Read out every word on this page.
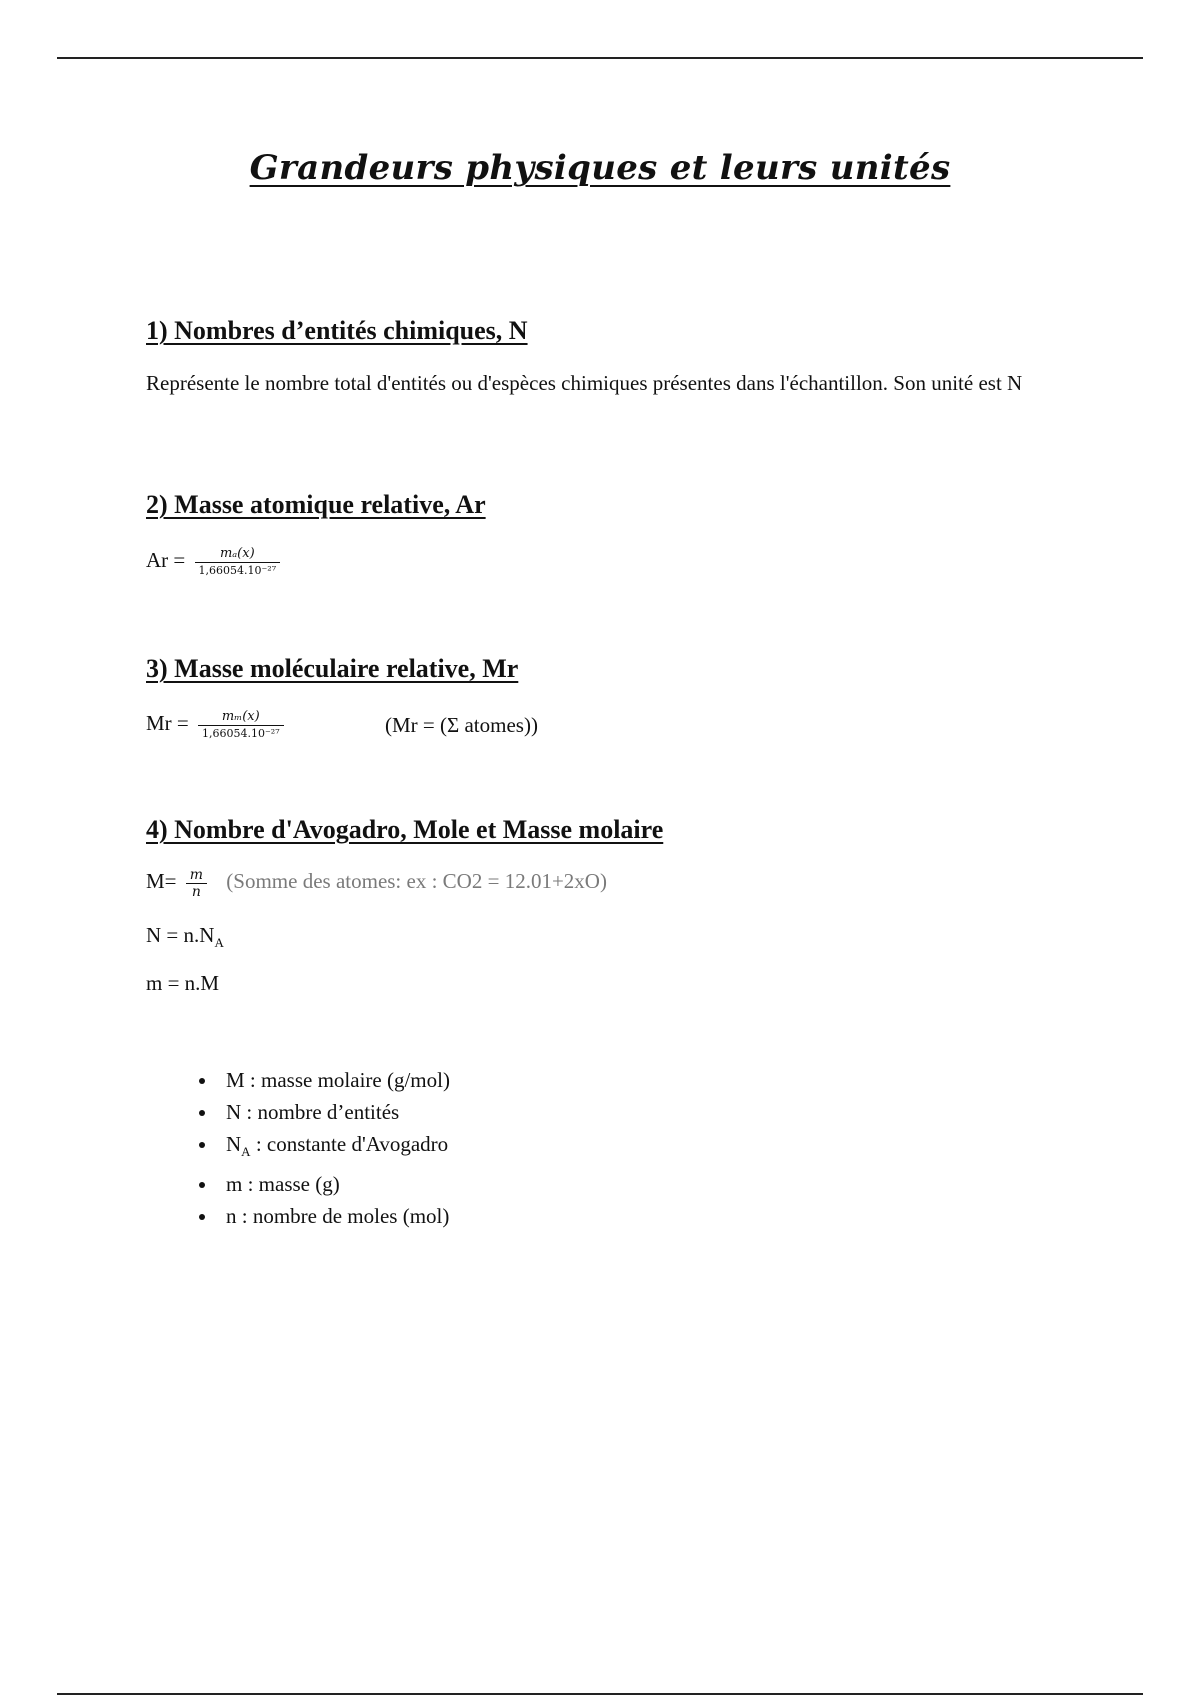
Grandeurs physiques et leurs unités
1) Nombres d’entités chimiques, N
Représente le nombre total d'entités ou d'espèces chimiques présentes dans l'échantillon. Son unité est N
2) Masse atomique relative, Ar
$Ar = \frac{\text{mₐ(x)}}{\text{1,66054.10⁻²⁷}}$
3) Masse moléculaire relative, Mr
$Mr = \frac{\text{mₘ(x)}}{\text{1,66054.10⁻²⁷}}$	(Mr = (Σ atomes))
4) Nombre d'Avogadro, Mole et Masse molaire
$M= \frac{m}{n}$ (Somme des atomes: ex : CO2 = 12.01+2xO)
$N = n.N_A$
m = n.M
• M : masse molaire (g/mol)
• N : nombre d’entités
• $N_A$ : constante d'Avogadro
• m : masse (g)
• n : nombre de moles (mol)
